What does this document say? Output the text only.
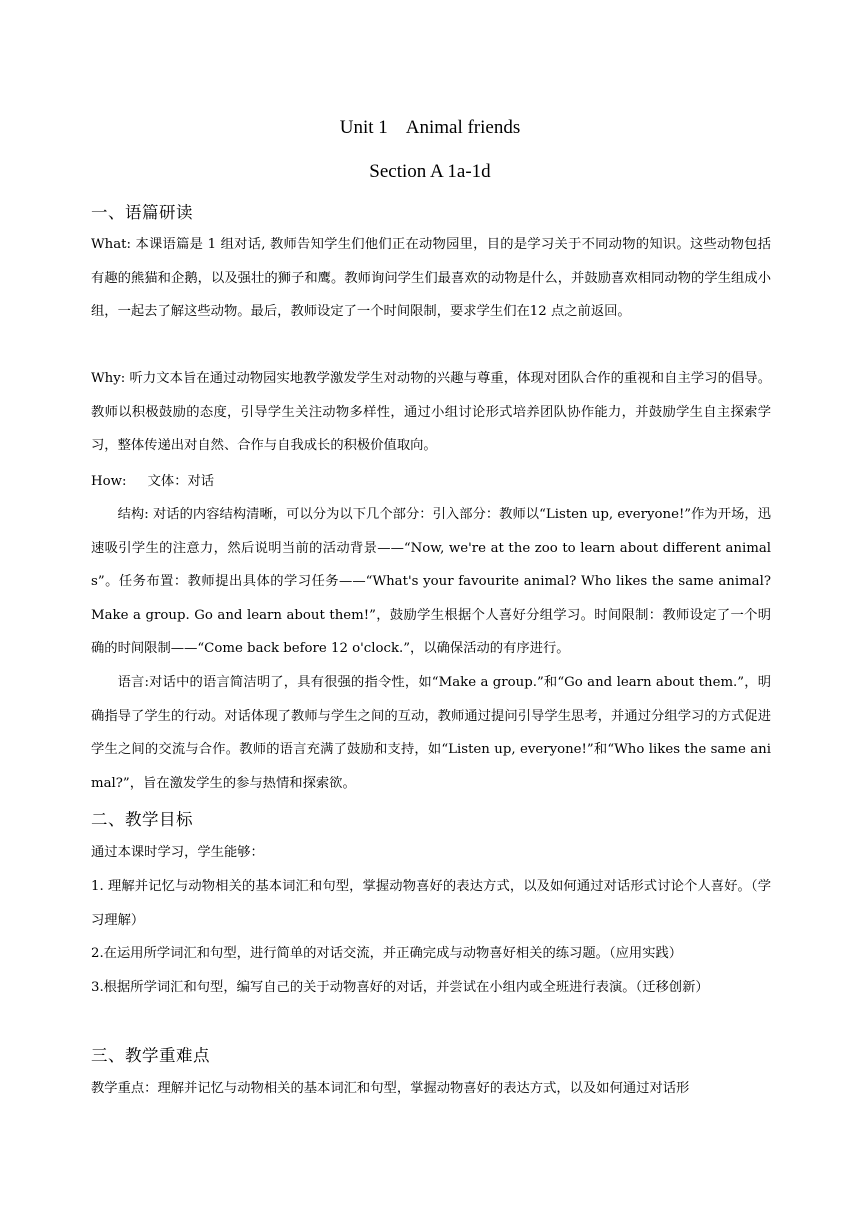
Unit 1    Animal friends
Section A 1a-1d
一、语篇研读
What: 本课语篇是 1 组对话, 教师告知学生们他们正在动物园里，目的是学习关于不同动物的知识。这些动物包括有趣的熊猫和企鹅，以及强壮的狮子和鹰。教师询问学生们最喜欢的动物是什么，并鼓励喜欢相同动物的学生组成小组，一起去了解这些动物。最后，教师设定了一个时间限制，要求学生们在12 点之前返回。
Why: 听力文本旨在通过动物园实地教学激发学生对动物的兴趣与尊重，体现对团队合作的重视和自主学习的倡导。教师以积极鼓励的态度，引导学生关注动物多样性，通过小组讨论形式培养团队协作能力，并鼓励学生自主探索学习，整体传递出对自然、合作与自我成长的积极价值取向。
How:     文体：对话
结构: 对话的内容结构清晰，可以分为以下几个部分：引入部分：教师以“Listen up, everyone!”作为开场，迅速吸引学生的注意力，然后说明当前的活动背景——“Now, we're at the zoo to learn about different animals”。任务布置：教师提出具体的学习任务——“What's your favourite animal? Who likes the same animal? Make a group. Go and learn about them!”，鼓励学生根据个人喜好分组学习。时间限制：教师设定了一个明确的时间限制——“Come back before 12 o'clock.”，以确保活动的有序进行。
语言:对话中的语言简洁明了，具有很强的指令性，如“Make a group.”和“Go and learn about them.”，明确指导了学生的行动。对话体现了教师与学生之间的互动，教师通过提问引导学生思考，并通过分组学习的方式促进学生之间的交流与合作。教师的语言充满了鼓励和支持，如“Listen up, everyone!”和“Who likes the same animal?”，旨在激发学生的参与热情和探索欲。
二、教学目标
通过本课时学习，学生能够：
1. 理解并记忆与动物相关的基本词汇和句型，掌握动物喜好的表达方式，以及如何通过对话形式讨论个人喜好。（学习理解）
2.在运用所学词汇和句型，进行简单的对话交流，并正确完成与动物喜好相关的练习题。（应用实践）
3.根据所学词汇和句型，编写自己的关于动物喜好的对话，并尝试在小组内或全班进行表演。（迁移创新）
三、教学重难点
教学重点：理解并记忆与动物相关的基本词汇和句型，掌握动物喜好的表达方式，以及如何通过对话形
